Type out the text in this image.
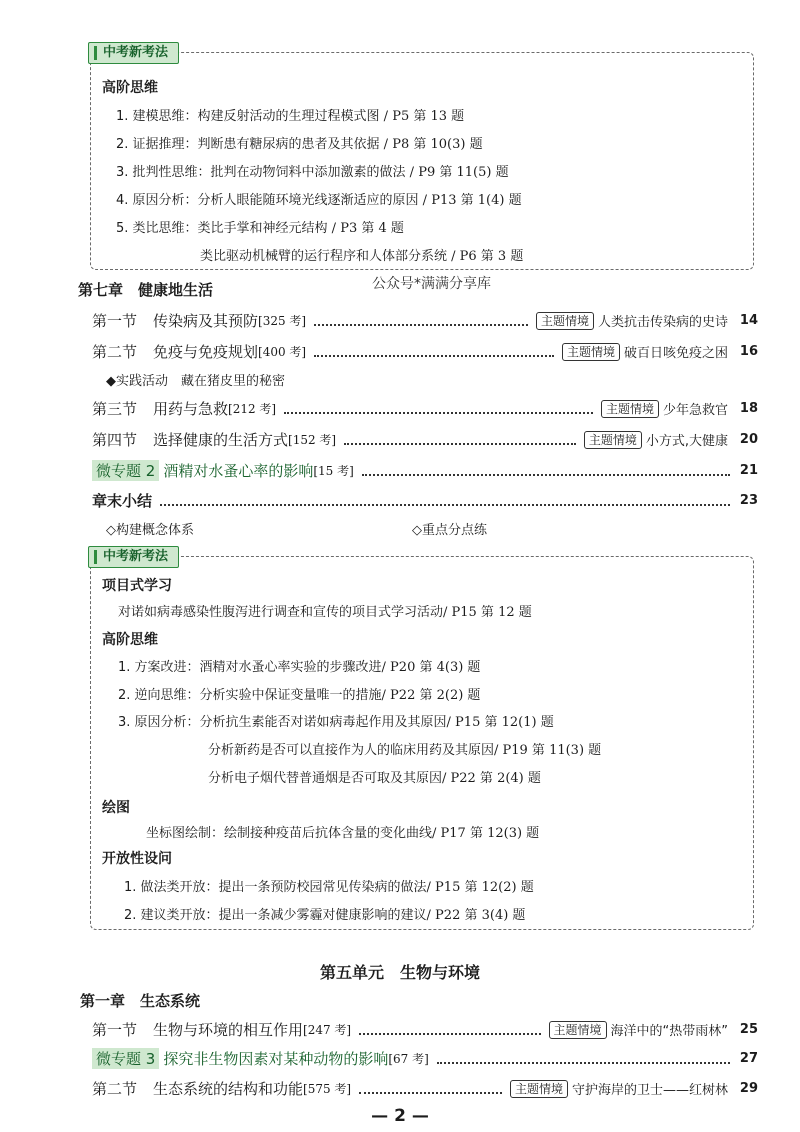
中考新考法
高阶思维
1. 建模思维：构建反射活动的生理过程模式图 / P5 第 13 题
2. 证据推理：判断患有糖尿病的患者及其依据 / P8 第 10(3) 题
3. 批判性思维：批判在动物饲料中添加激素的做法 / P9 第 11(5) 题
4. 原因分析：分析人眼能随环境光线逐渐适应的原因 / P13 第 1(4) 题
5. 类比思维：类比手掌和神经元结构 / P3 第 4 题
类比驱动机械臂的运行程序和人体部分系统 / P6 第 3 题
第七章　健康地生活	公众号*满满分享库
第一节 传染病及其预防 [325 考]	主题情境 人类抗击传染病的史诗 14
第二节 免疫与免疫规划 [400 考]	主题情境 破百日咳免疫之困 16
◆实践活动　藏在猪皮里的秘密
第三节 用药与急救 [212 考]	主题情境 少年急救官 18
第四节 选择健康的生活方式 [152 考]	主题情境 小方式,大健康 20
微专题 2 酒精对水蚤心率的影响 [15 考]	21
章末小结	23
◇构建概念体系	◇重点分点练
中考新考法
项目式学习
对诺如病毒感染性腹泻进行调查和宣传的项目式学习活动/ P15 第 12 题
高阶思维
1. 方案改进：酒精对水蚤心率实验的步骤改进/ P20 第 4(3) 题
2. 逆向思维：分析实验中保证变量唯一的措施/ P22 第 2(2) 题
3. 原因分析：分析抗生素能否对诺如病毒起作用及其原因/ P15 第 12(1) 题
分析新药是否可以直接作为人的临床用药及其原因/ P19 第 11(3) 题
分析电子烟代替普通烟是否可取及其原因/ P22 第 2(4) 题
绘图
坐标图绘制：绘制接种疫苗后抗体含量的变化曲线/ P17 第 12(3) 题
开放性设问
1. 做法类开放：提出一条预防校园常见传染病的做法/ P15 第 12(2) 题
2. 建议类开放：提出一条减少雾霾对健康影响的建议/ P22 第 3(4) 题
第五单元　生物与环境
第一章　生态系统
第一节 生物与环境的相互作用 [247 考]	主题情境 海洋中的“热带雨林” 25
微专题 3 探究非生物因素对某种动物的影响 [67 考]	27
第二节 生态系统的结构和功能 [575 考]	主题情境 守护海岸的卫士——红树林 29
— 2 —
